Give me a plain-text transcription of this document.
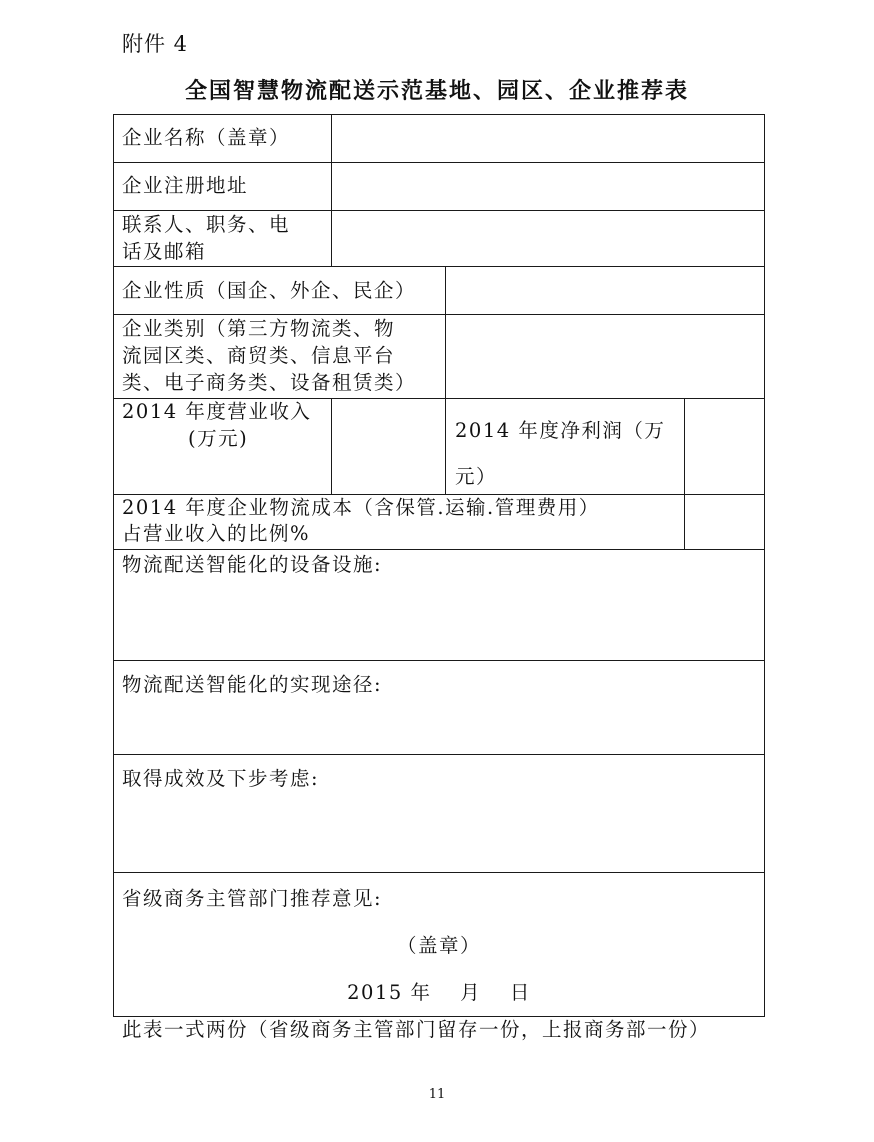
附件 4
全国智慧物流配送示范基地、园区、企业推荐表
企业名称（盖章）
企业注册地址
联系人、职务、电
话及邮箱
企业性质（国企、外企、民企）
企业类别（第三方物流类、物
流园区类、商贸类、信息平台
类、电子商务类、设备租赁类）
2014 年度营业收入
(万元)	2014 年度净利润（万
元）
2014 年度企业物流成本（含保管.运输.管理费用）
占营业收入的比例%
物流配送智能化的设备设施:
物流配送智能化的实现途径:
取得成效及下步考虑:
省级商务主管部门推荐意见:
（盖章）
2015 年　 月　 日
此表一式两份（省级商务主管部门留存一份，上报商务部一份）
11
